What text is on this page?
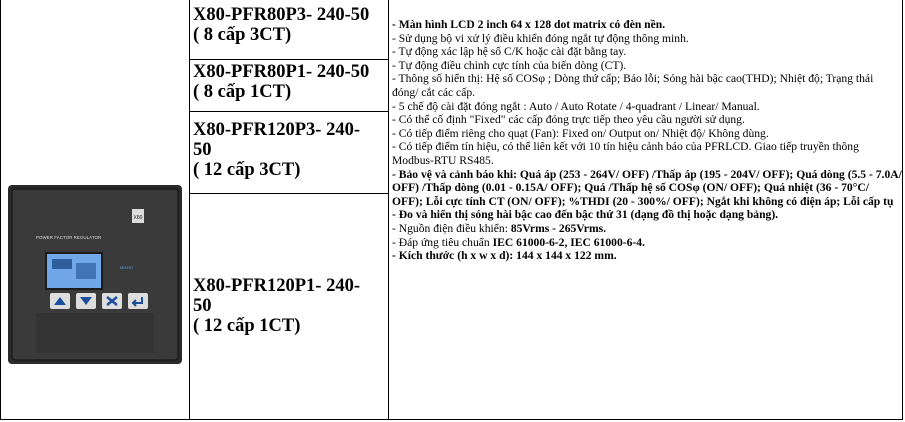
POWER FACTOR REGULATOR
X80
MIKRO
X80-PFR80P3- 240-50
( 8 cấp 3CT)
X80-PFR80P1- 240-50
( 8 cấp 1CT)
X80-PFR120P3- 240-
50
( 12 cấp 3CT)
X80-PFR120P1- 240-
50
( 12 cấp 1CT)
- Màn hình LCD 2 inch 64 x 128 dot matrix có đèn nền.
- Sử dụng bộ vi xử lý điều khiển đóng ngắt tự động thông minh.
- Tự động xác lập hệ số C/K hoặc cài đặt bằng tay.
- Tự động điều chỉnh cực tính của biến dòng (CT).
- Thông số hiển thị: Hệ số COSφ ; Dòng thứ cấp; Báo lỗi; Sóng hài bậc cao(THD); Nhiệt độ; Trạng thái đóng/ cắt các cấp.
- 5 chế độ cài đặt đóng ngắt : Auto / Auto Rotate / 4-quadrant / Linear/ Manual.
- Có thể cố định "Fixed" các cấp đóng trực tiếp theo yêu cầu người sử dụng.
- Có tiếp điểm riêng cho quạt (Fan): Fixed on/ Output on/ Nhiệt độ/ Không dùng.
- Có tiếp điểm tín hiệu, có thể liên kết với 10 tín hiệu cảnh báo của PFRLCD. Giao tiếp truyền thông Modbus-RTU RS485.
- Bảo vệ và cảnh báo khi: Quá áp (253 - 264V/ OFF) /Thấp áp (195 - 204V/ OFF); Quá dòng (5.5 - 7.0A/ OFF) /Thấp dòng (0.01 - 0.15A/ OFF); Quá /Thấp hệ số COSφ (ON/ OFF); Quá nhiệt (36 - 70°C/ OFF); Lỗi cực tính CT (ON/ OFF); %THDI (20 - 300%/ OFF); Ngắt khi không có điện áp; Lỗi cấp tụ
- Đo và hiển thị sóng hài bậc cao đến bậc thứ 31 (dạng đồ thị hoặc dạng bảng).
- Nguồn điện điều khiển: 85Vrms - 265Vrms.
- Đáp ứng tiêu chuẩn IEC 61000-6-2, IEC 61000-6-4.
- Kích thước (h x w x d): 144 x 144 x 122 mm.
